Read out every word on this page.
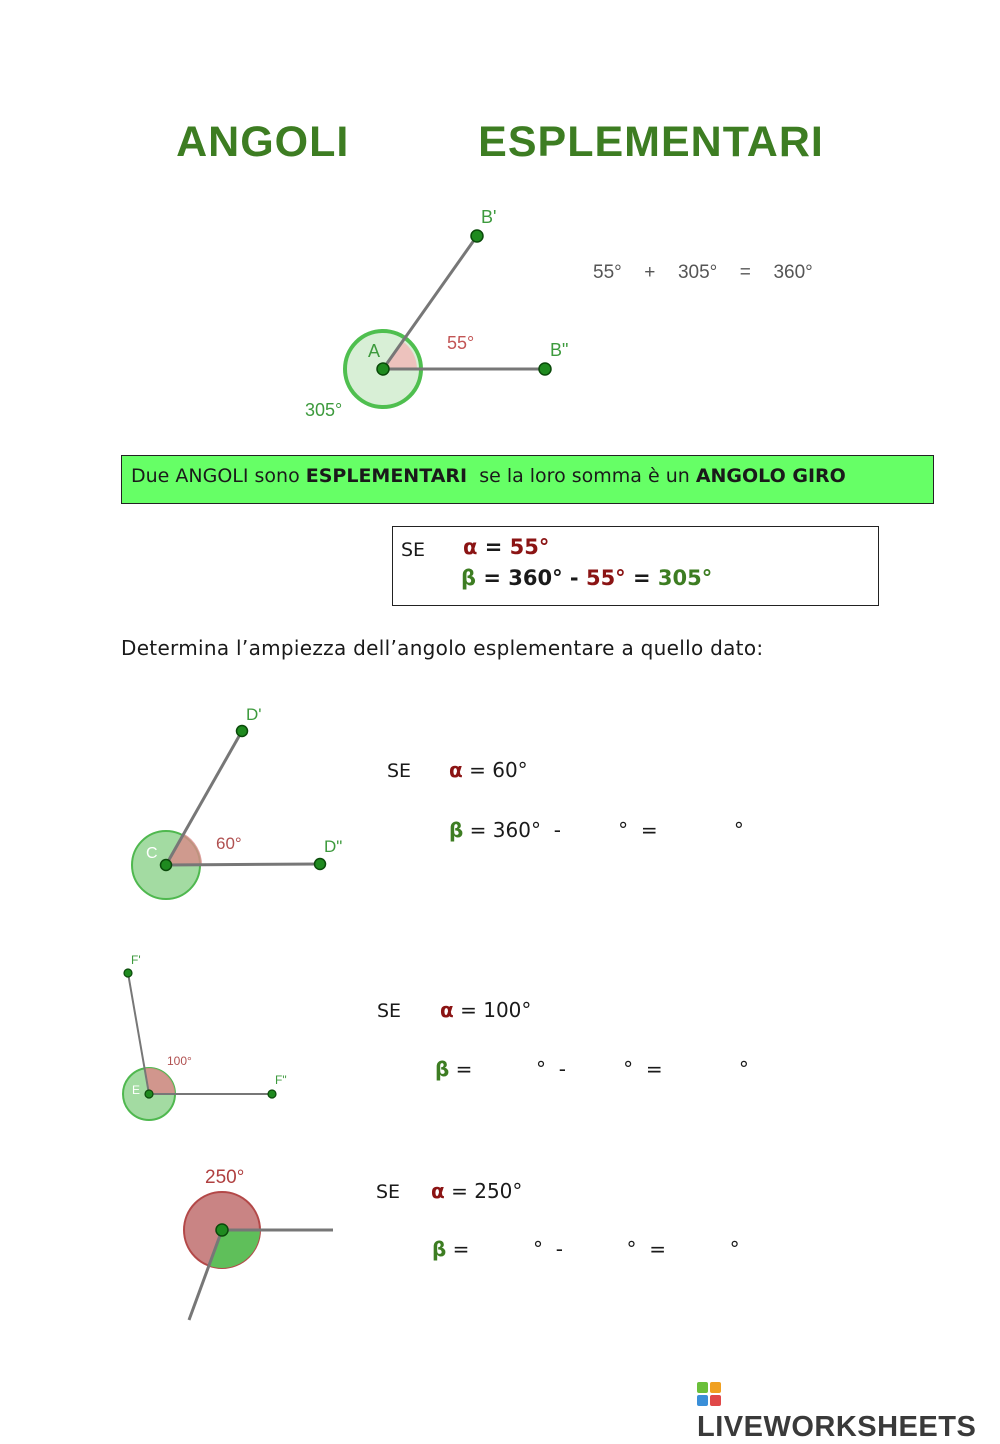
ANGOLI   ESPLEMENTARI
A
B'
B"
55°
305°
55°  +  305°  =  360°
Due ANGOLI sono ESPLEMENTARI  se la loro somma è un ANGOLO GIRO
SE α = 55°
β = 360° - 55° = 305°
Determina l’ampiezza dell’angolo esplementare a quello dato:
C
D'
D"
60°
SE α = 60°
β = 360°  -         °  =            °
E
F'
F"
100°
SE α = 100°
β =          °  -         °  =            °
250°
SE α = 250°
β =          °  -          °  =          °
LIVEWORKSHEETS
